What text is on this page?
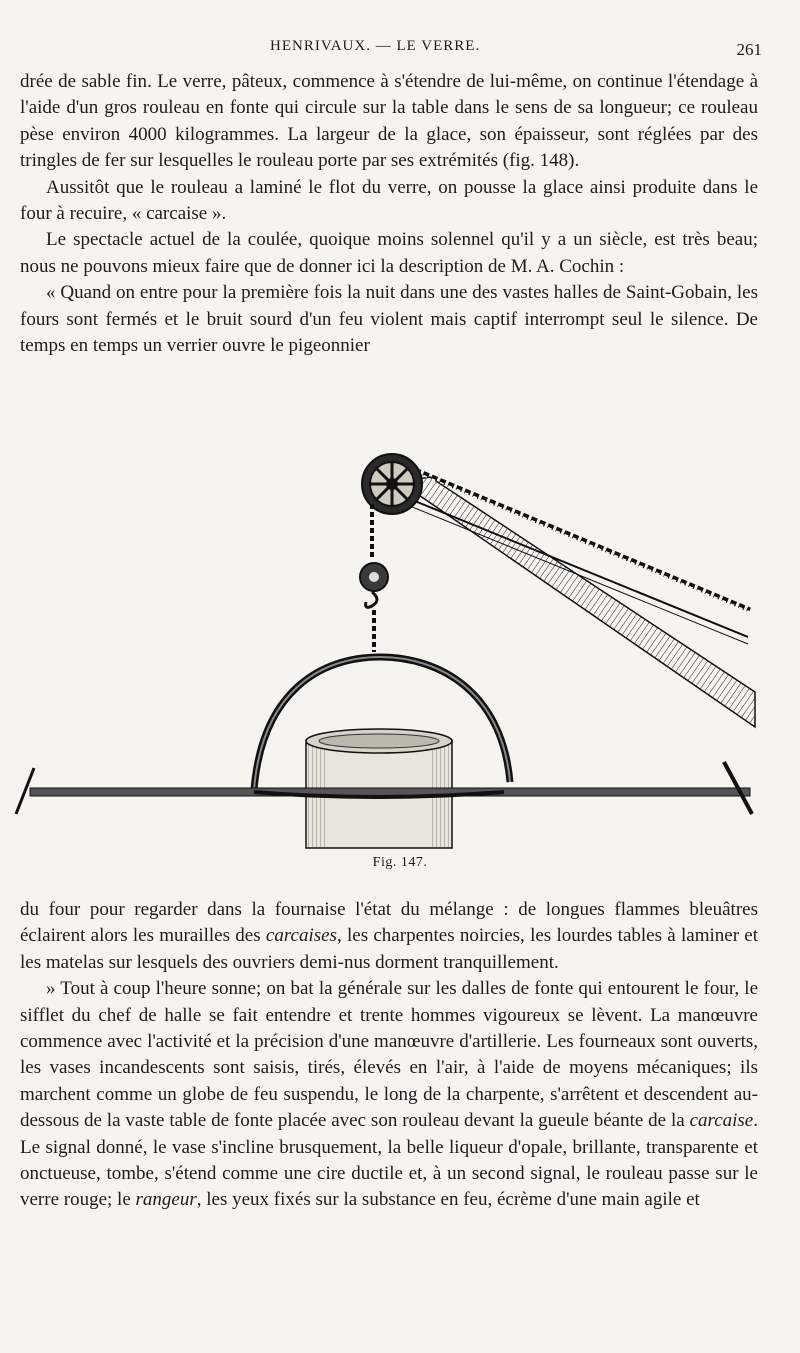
HENRIVAUX. — LE VERRE.	261

drée de sable fin. Le verre, pâteux, commence à s'étendre de lui-même, on continue l'étendage à l'aide d'un gros rouleau en fonte qui circule sur la table dans le sens de sa longueur; ce rouleau pèse environ 4000 kilogrammes. La largeur de la glace, son épaisseur, sont réglées par des tringles de fer sur lesquelles le rouleau porte par ses extrémités (fig. 148).

Aussitôt que le rouleau a laminé le flot du verre, on pousse la glace ainsi produite dans le four à recuire, « carcaise ».

Le spectacle actuel de la coulée, quoique moins solennel qu'il y a un siècle, est très beau; nous ne pouvons mieux faire que de donner ici la description de M. A. Cochin :

« Quand on entre pour la première fois la nuit dans une des vastes halles de Saint-Gobain, les fours sont fermés et le bruit sourd d'un feu violent mais captif interrompt seul le silence. De temps en temps un verrier ouvre le pigeonnier

Fig. 147.

du four pour regarder dans la fournaise l'état du mélange : de longues flammes bleuâtres éclairent alors les murailles des carcaises, les charpentes noircies, les lourdes tables à laminer et les matelas sur lesquels des ouvriers demi-nus dorment tranquillement.

» Tout à coup l'heure sonne; on bat la générale sur les dalles de fonte qui entourent le four, le sifflet du chef de halle se fait entendre et trente hommes vigoureux se lèvent. La manœuvre commence avec l'activité et la précision d'une manœuvre d'artillerie. Les fourneaux sont ouverts, les vases incandescents sont saisis, tirés, élevés en l'air, à l'aide de moyens mécaniques; ils marchent comme un globe de feu suspendu, le long de la charpente, s'arrêtent et descendent au-dessous de la vaste table de fonte placée avec son rouleau devant la gueule béante de la carcaise. Le signal donné, le vase s'incline brusquement, la belle liqueur d'opale, brillante, transparente et onctueuse, tombe, s'étend comme une cire ductile et, à un second signal, le rouleau passe sur le verre rouge; le rangeur, les yeux fixés sur la substance en feu, écrème d'une main agile et
